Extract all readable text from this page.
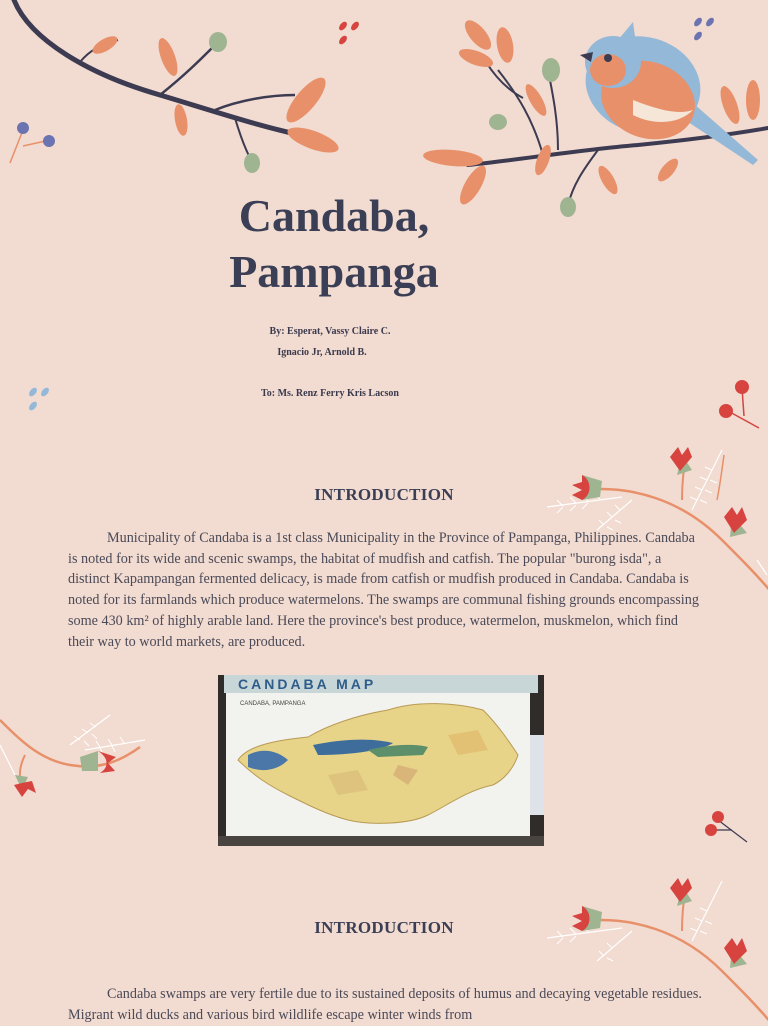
Candaba,
Pampanga
By: Esperat, Vassy Claire C.
Ignacio Jr, Arnold B.
To: Ms. Renz Ferry Kris Lacson
INTRODUCTION

Municipality of Candaba is a 1st class Municipality in the Province of Pampanga, Philippines. Candaba is noted for its wide and scenic swamps, the habitat of mudfish and catfish. The popular "burong isda", a distinct Kapampangan fermented delicacy, is made from catfish or mudfish produced in Candaba. Candaba is noted for its farmlands which produce watermelons. The swamps are communal fishing grounds encompassing some 430 km² of highly arable land. Here the province's best produce, watermelon, muskmelon, which find their way to world markets, are produced.

CANDABA MAP
CANDABA, PAMPANGA
INTRODUCTION

Candaba swamps are very fertile due to its sustained deposits of humus and decaying vegetable residues. Migrant wild ducks and various bird wildlife escape winter winds from
